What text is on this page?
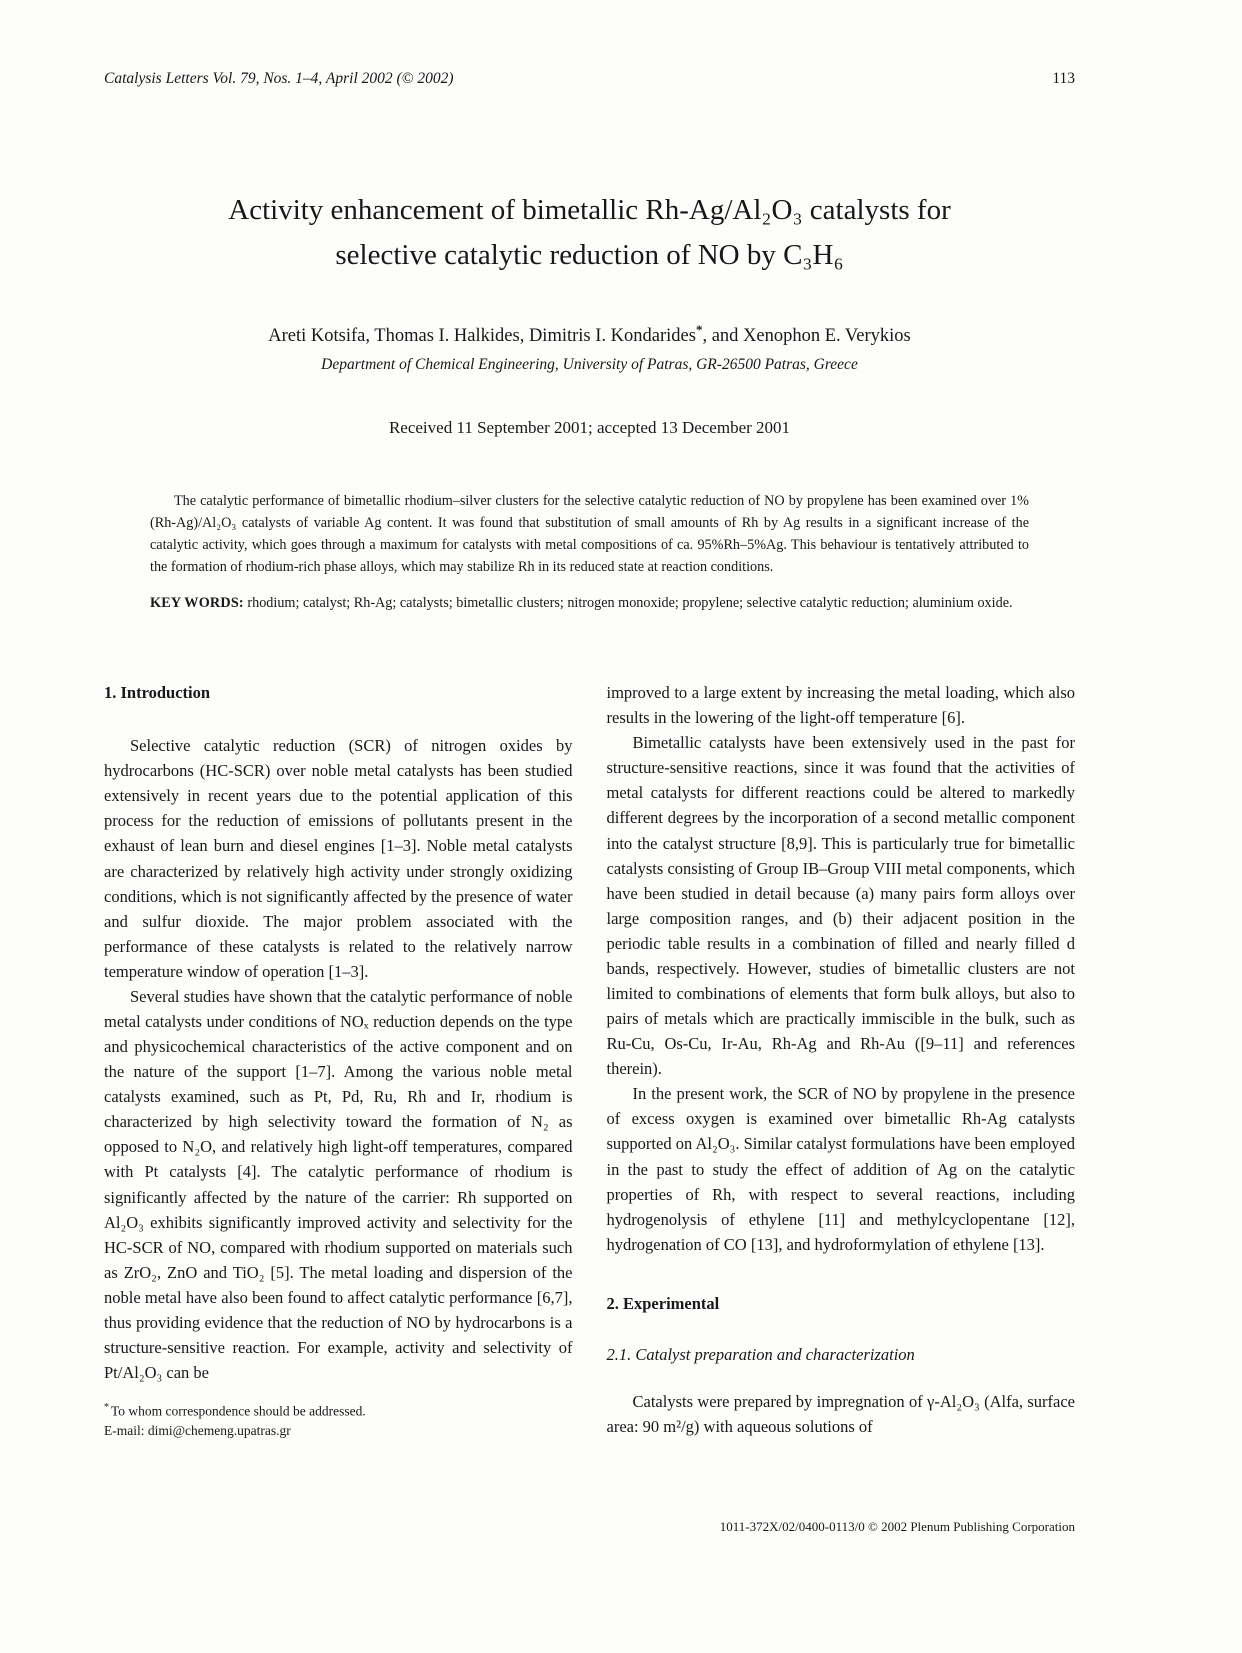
Catalysis Letters Vol. 79, Nos. 1–4, April 2002 (© 2002)	113
Activity enhancement of bimetallic Rh-Ag/Al₂O₃ catalysts for
selective catalytic reduction of NO by C₃H₆
Areti Kotsifa, Thomas I. Halkides, Dimitris I. Kondarides*, and Xenophon E. Verykios
Department of Chemical Engineering, University of Patras, GR-26500 Patras, Greece
Received 11 September 2001; accepted 13 December 2001

The catalytic performance of bimetallic rhodium–silver clusters for the selective catalytic reduction of NO by propylene has been examined over 1%(Rh-Ag)/Al₂O₃ catalysts of variable Ag content. It was found that substitution of small amounts of Rh by Ag results in a significant increase of the catalytic activity, which goes through a maximum for catalysts with metal compositions of ca. 95%Rh–5%Ag. This behaviour is tentatively attributed to the formation of rhodium-rich phase alloys, which may stabilize Rh in its reduced state at reaction conditions.

KEY WORDS: rhodium; catalyst; Rh-Ag; catalysts; bimetallic clusters; nitrogen monoxide; propylene; selective catalytic reduction; aluminium oxide.

1. Introduction

Selective catalytic reduction (SCR) of nitrogen oxides by hydrocarbons (HC-SCR) over noble metal catalysts has been studied extensively in recent years due to the potential application of this process for the reduction of emissions of pollutants present in the exhaust of lean burn and diesel engines [1–3]. Noble metal catalysts are characterized by relatively high activity under strongly oxidizing conditions, which is not significantly affected by the presence of water and sulfur dioxide. The major problem associated with the performance of these catalysts is related to the relatively narrow temperature window of operation [1–3].

Several studies have shown that the catalytic performance of noble metal catalysts under conditions of NOₓ reduction depends on the type and physicochemical characteristics of the active component and on the nature of the support [1–7]. Among the various noble metal catalysts examined, such as Pt, Pd, Ru, Rh and Ir, rhodium is characterized by high selectivity toward the formation of N₂ as opposed to N₂O, and relatively high light-off temperatures, compared with Pt catalysts [4]. The catalytic performance of rhodium is significantly affected by the nature of the carrier: Rh supported on Al₂O₃ exhibits significantly improved activity and selectivity for the HC-SCR of NO, compared with rhodium supported on materials such as ZrO₂, ZnO and TiO₂ [5]. The metal loading and dispersion of the noble metal have also been found to affect catalytic performance [6,7], thus providing evidence that the reduction of NO by hydrocarbons is a structure-sensitive reaction. For example, activity and selectivity of Pt/Al₂O₃ can be

* To whom correspondence should be addressed.
E-mail: dimi@chemeng.upatras.gr

improved to a large extent by increasing the metal loading, which also results in the lowering of the light-off temperature [6].

Bimetallic catalysts have been extensively used in the past for structure-sensitive reactions, since it was found that the activities of metal catalysts for different reactions could be altered to markedly different degrees by the incorporation of a second metallic component into the catalyst structure [8,9]. This is particularly true for bimetallic catalysts consisting of Group IB–Group VIII metal components, which have been studied in detail because (a) many pairs form alloys over large composition ranges, and (b) their adjacent position in the periodic table results in a combination of filled and nearly filled d bands, respectively. However, studies of bimetallic clusters are not limited to combinations of elements that form bulk alloys, but also to pairs of metals which are practically immiscible in the bulk, such as Ru-Cu, Os-Cu, Ir-Au, Rh-Ag and Rh-Au ([9–11] and references therein).

In the present work, the SCR of NO by propylene in the presence of excess oxygen is examined over bimetallic Rh-Ag catalysts supported on Al₂O₃. Similar catalyst formulations have been employed in the past to study the effect of addition of Ag on the catalytic properties of Rh, with respect to several reactions, including hydrogenolysis of ethylene [11] and methylcyclopentane [12], hydrogenation of CO [13], and hydroformylation of ethylene [13].

2. Experimental
2.1. Catalyst preparation and characterization

Catalysts were prepared by impregnation of γ-Al₂O₃ (Alfa, surface area: 90 m²/g) with aqueous solutions of

1011-372X/02/0400-0113/0 © 2002 Plenum Publishing Corporation
